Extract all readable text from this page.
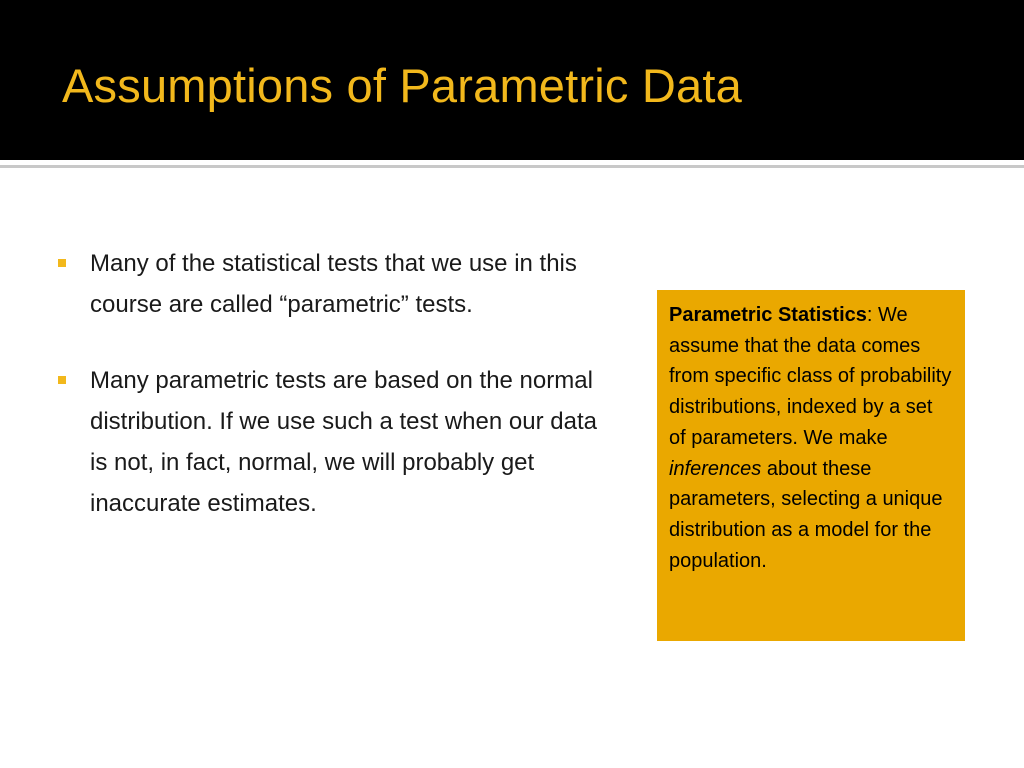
Assumptions of Parametric Data
Many of the statistical tests that we use in this course are called “parametric” tests.
Many parametric tests are based on the normal distribution. If we use such a test when our data is not, in fact, normal, we will probably get inaccurate estimates.

Parametric Statistics: We assume that the data comes from specific class of probability distributions, indexed by a set of parameters. We make inferences about these parameters, selecting a unique distribution as a model for the population.
